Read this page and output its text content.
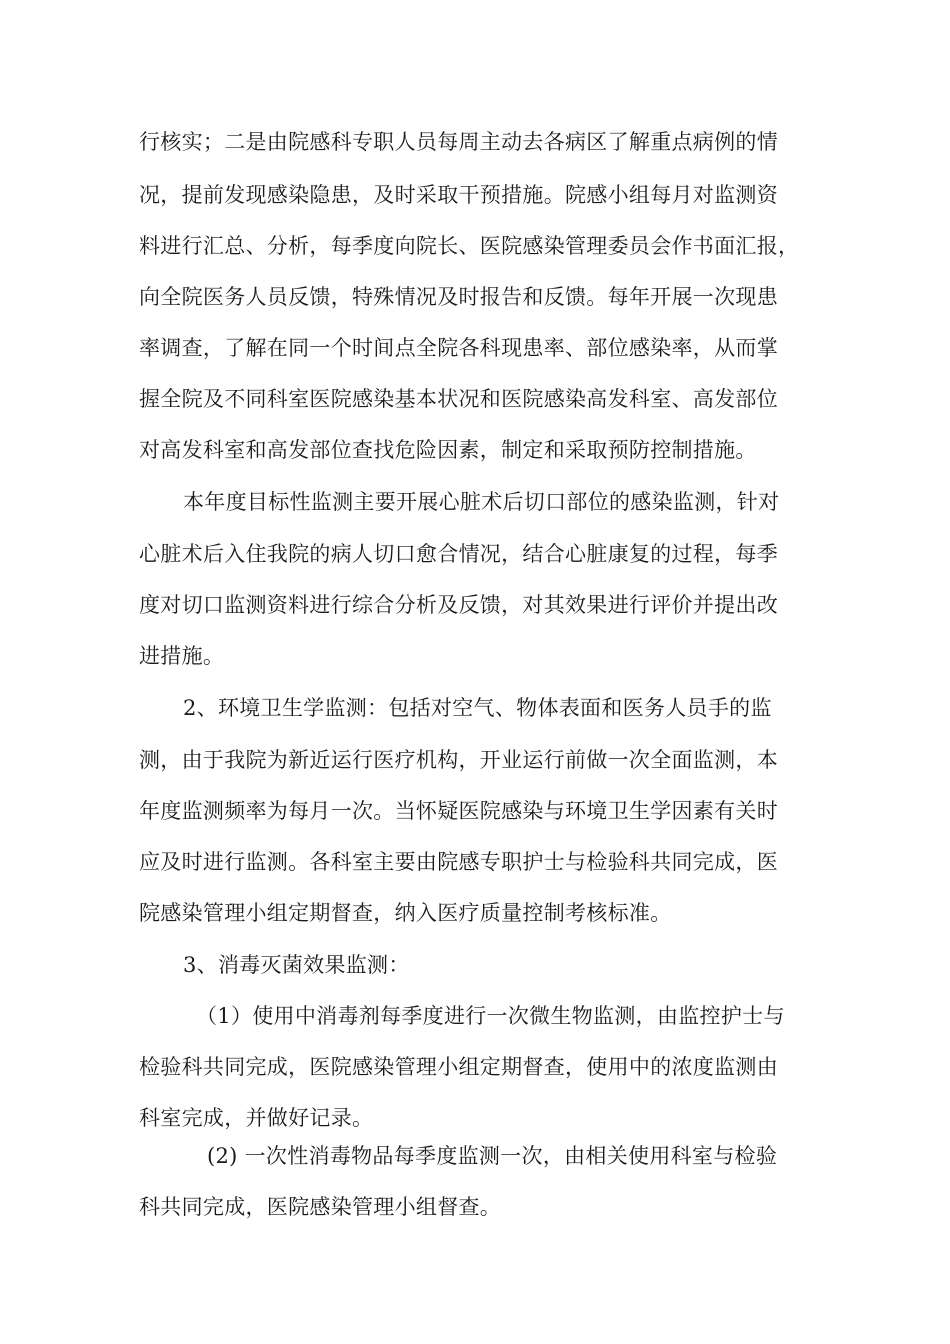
行核实；二是由院感科专职人员每周主动去各病区了解重点病例的情
况，提前发现感染隐患，及时采取干预措施。院感小组每月对监测资
料进行汇总、分析，每季度向院长、医院感染管理委员会作书面汇报，
向全院医务人员反馈，特殊情况及时报告和反馈。每年开展一次现患
率调查，了解在同一个时间点全院各科现患率、部位感染率，从而掌
握全院及不同科室医院感染基本状况和医院感染高发科室、高发部位
对高发科室和高发部位查找危险因素，制定和采取预防控制措施。
本年度目标性监测主要开展心脏术后切口部位的感染监测，针对
心脏术后入住我院的病人切口愈合情况，结合心脏康复的过程，每季
度对切口监测资料进行综合分析及反馈，对其效果进行评价并提出改
进措施。
2、环境卫生学监测：包括对空气、物体表面和医务人员手的监
测，由于我院为新近运行医疗机构，开业运行前做一次全面监测，本
年度监测频率为每月一次。当怀疑医院感染与环境卫生学因素有关时
应及时进行监测。各科室主要由院感专职护士与检验科共同完成，医
院感染管理小组定期督查，纳入医疗质量控制考核标准。
3、消毒灭菌效果监测：
（1）使用中消毒剂每季度进行一次微生物监测，由监控护士与
检验科共同完成，医院感染管理小组定期督查，使用中的浓度监测由
科室完成，并做好记录。
(2) 一次性消毒物品每季度监测一次，由相关使用科室与检验
科共同完成，医院感染管理小组督查。
